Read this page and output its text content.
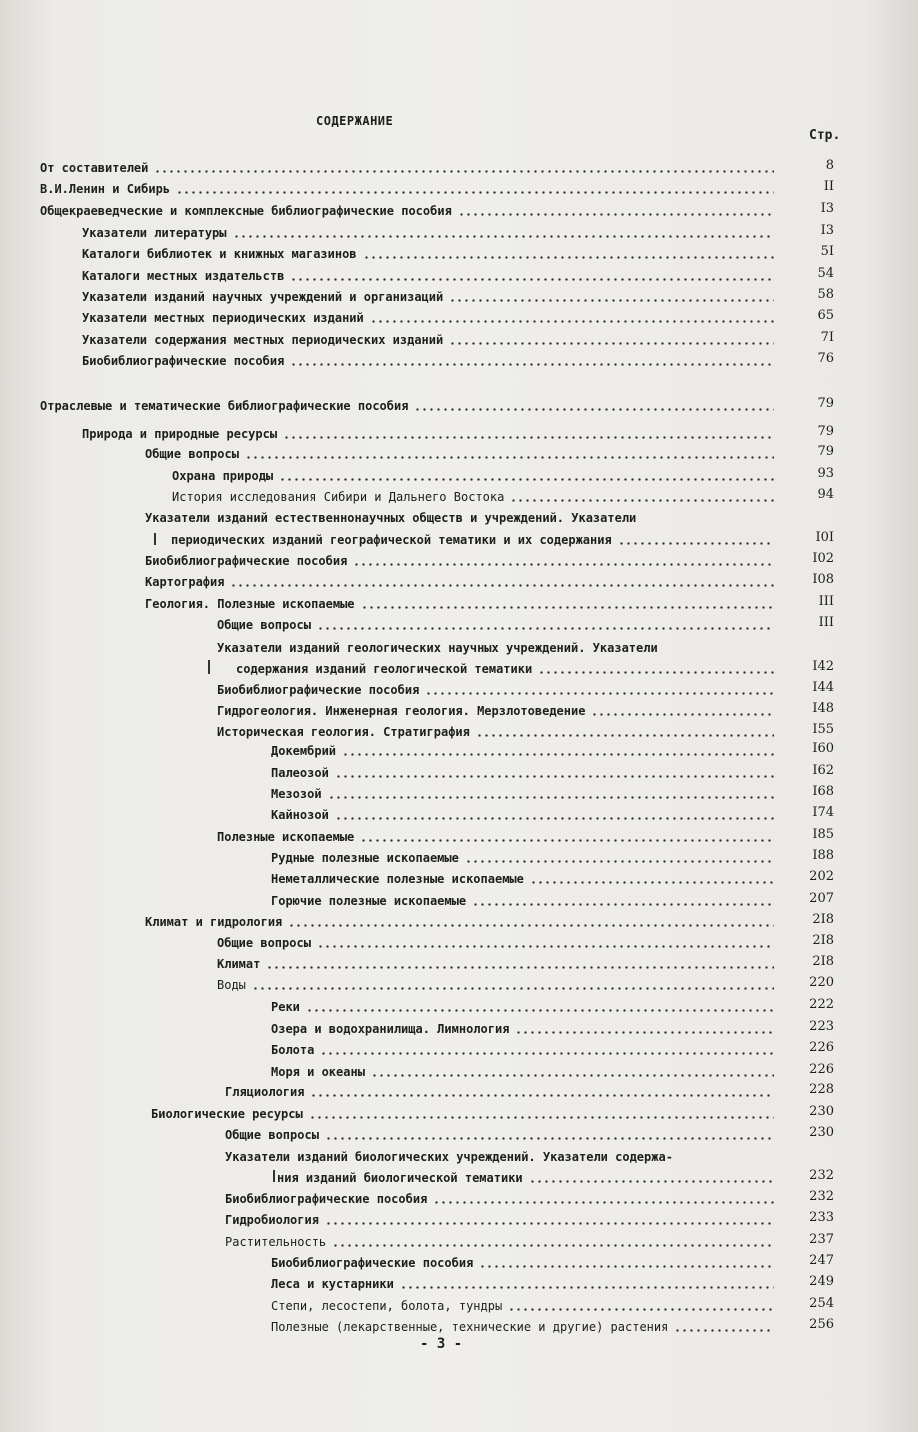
СОДЕРЖАНИЕ
Стр.
От составителей	8
В.И.Ленин и Сибирь	II
Общекраеведческие и комплексные библиографические пособия	I3
Указатели литературы	I3
Каталоги библиотек и книжных магазинов	5I
Каталоги местных издательств	54
Указатели изданий научных учреждений и организаций	58
Указатели местных периодических изданий	65
Указатели содержания местных периодических изданий	7I
Биобиблиографические пособия	76
Отраслевые и тематические библиографические пособия	79
Природа и природные ресурсы	79
Общие вопросы	79
Охрана природы	93
История исследования Сибири и Дальнего Востока	94
Указатели изданий естественнонаучных обществ и учреждений. Указатели
периодических изданий географической тематики и их содержания	I0I
Биобиблиографические пособия	I02
Картография	I08
Геология. Полезные ископаемые	III
Общие вопросы	III
Указатели изданий геологических научных учреждений. Указатели
содержания изданий геологической тематики	I42
Биобиблиографические пособия	I44
Гидрогеология. Инженерная геология. Мерзлотоведение	I48
Историческая геология. Стратиграфия	I55
Докембрий	I60
Палеозой	I62
Мезозой	I68
Кайнозой	I74
Полезные ископаемые	I85
Рудные полезные ископаемые	I88
Неметаллические полезные ископаемые	202
Горючие полезные ископаемые	207
Климат и гидрология	2I8
Общие вопросы	2I8
Климат	2I8
Воды	220
Реки	222
Озера и водохранилища. Лимнология	223
Болота	226
Моря и океаны	226
Гляциология	228
Биологические ресурсы	230
Общие вопросы	230
Указатели изданий биологических учреждений. Указатели содержа-
ния изданий биологической тематики	232
Биобиблиографические пособия	232
Гидробиология	233
Растительность	237
Биобиблиографические пособия	247
Леса и кустарники	249
Степи, лесостепи, болота, тундры	254
Полезные (лекарственные, технические и другие) растения	256
- 3 -
